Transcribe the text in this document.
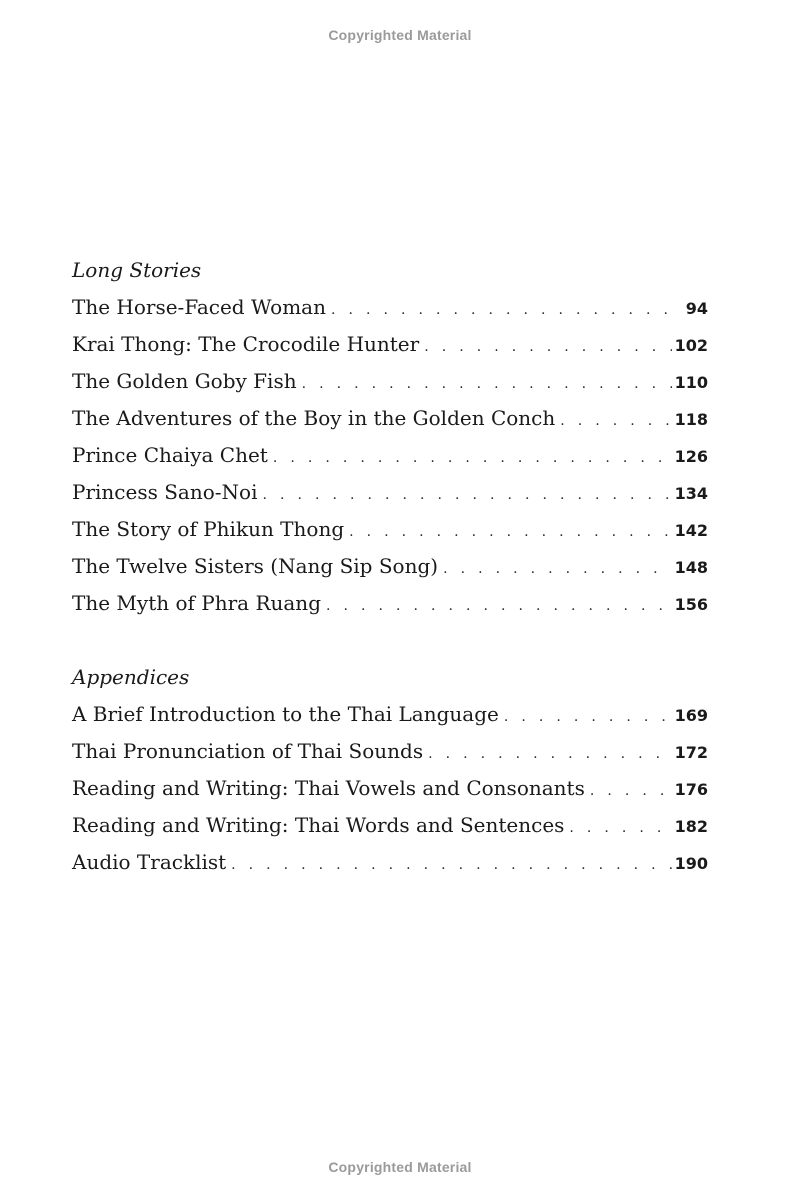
Copyrighted Material
Long Stories
The Horse-Faced Woman . . .	94
Krai Thong: The Crocodile Hunter . . .	102
The Golden Goby Fish . . .	110
The Adventures of the Boy in the Golden Conch . . .	118
Prince Chaiya Chet . . .	126
Princess Sano-Noi . . .	134
The Story of Phikun Thong . . .	142
The Twelve Sisters (Nang Sip Song) . . .	148
The Myth of Phra Ruang . . .	156
Appendices
A Brief Introduction to the Thai Language . . .	169
Thai Pronunciation of Thai Sounds . . .	172
Reading and Writing: Thai Vowels and Consonants . . .	176
Reading and Writing: Thai Words and Sentences . . .	182
Audio Tracklist . . .	190
Copyrighted Material
